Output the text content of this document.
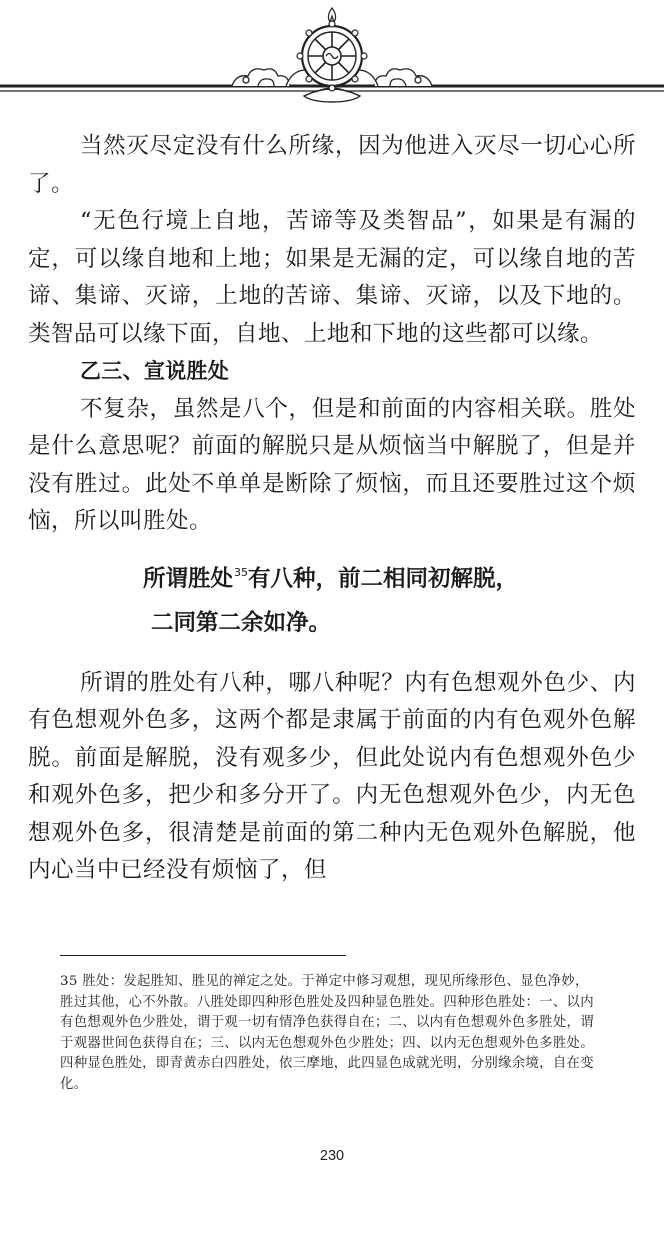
当然灭尽定没有什么所缘，因为他进入灭尽一切心心所了。

“无色行境上自地，苦谛等及类智品”，如果是有漏的定，可以缘自地和上地；如果是无漏的定，可以缘自地的苦谛、集谛、灭谛，上地的苦谛、集谛、灭谛，以及下地的。类智品可以缘下面，自地、上地和下地的这些都可以缘。

乙三、宣说胜处

不复杂，虽然是八个，但是和前面的内容相关联。胜处是什么意思呢？前面的解脱只是从烦恼当中解脱了，但是并没有胜过。此处不单单是断除了烦恼，而且还要胜过这个烦恼，所以叫胜处。

所谓胜处$^{35}$有八种，前二相同初解脱，

二同第二余如净。

所谓的胜处有八种，哪八种呢？内有色想观外色少、内有色想观外色多，这两个都是隶属于前面的内有色观外色解脱。前面是解脱，没有观多少，但此处说内有色想观外色少和观外色多，把少和多分开了。内无色想观外色少，内无色想观外色多，很清楚是前面的第二种内无色观外色解脱，他内心当中已经没有烦恼了，但

35 胜处：发起胜知、胜见的禅定之处。于禅定中修习观想，现见所缘形色、显色净妙，胜过其他，心不外散。八胜处即四种形色胜处及四种显色胜处。四种形色胜处：一、以内有色想观外色少胜处，谓于观一切有情净色获得自在；二、以内有色想观外色多胜处，谓于观器世间色获得自在；三、以内无色想观外色少胜处；四、以内无色想观外色多胜处。

四种显色胜处，即青黄赤白四胜处，依三摩地，此四显色成就光明，分别缘余境，自在变化。

230
